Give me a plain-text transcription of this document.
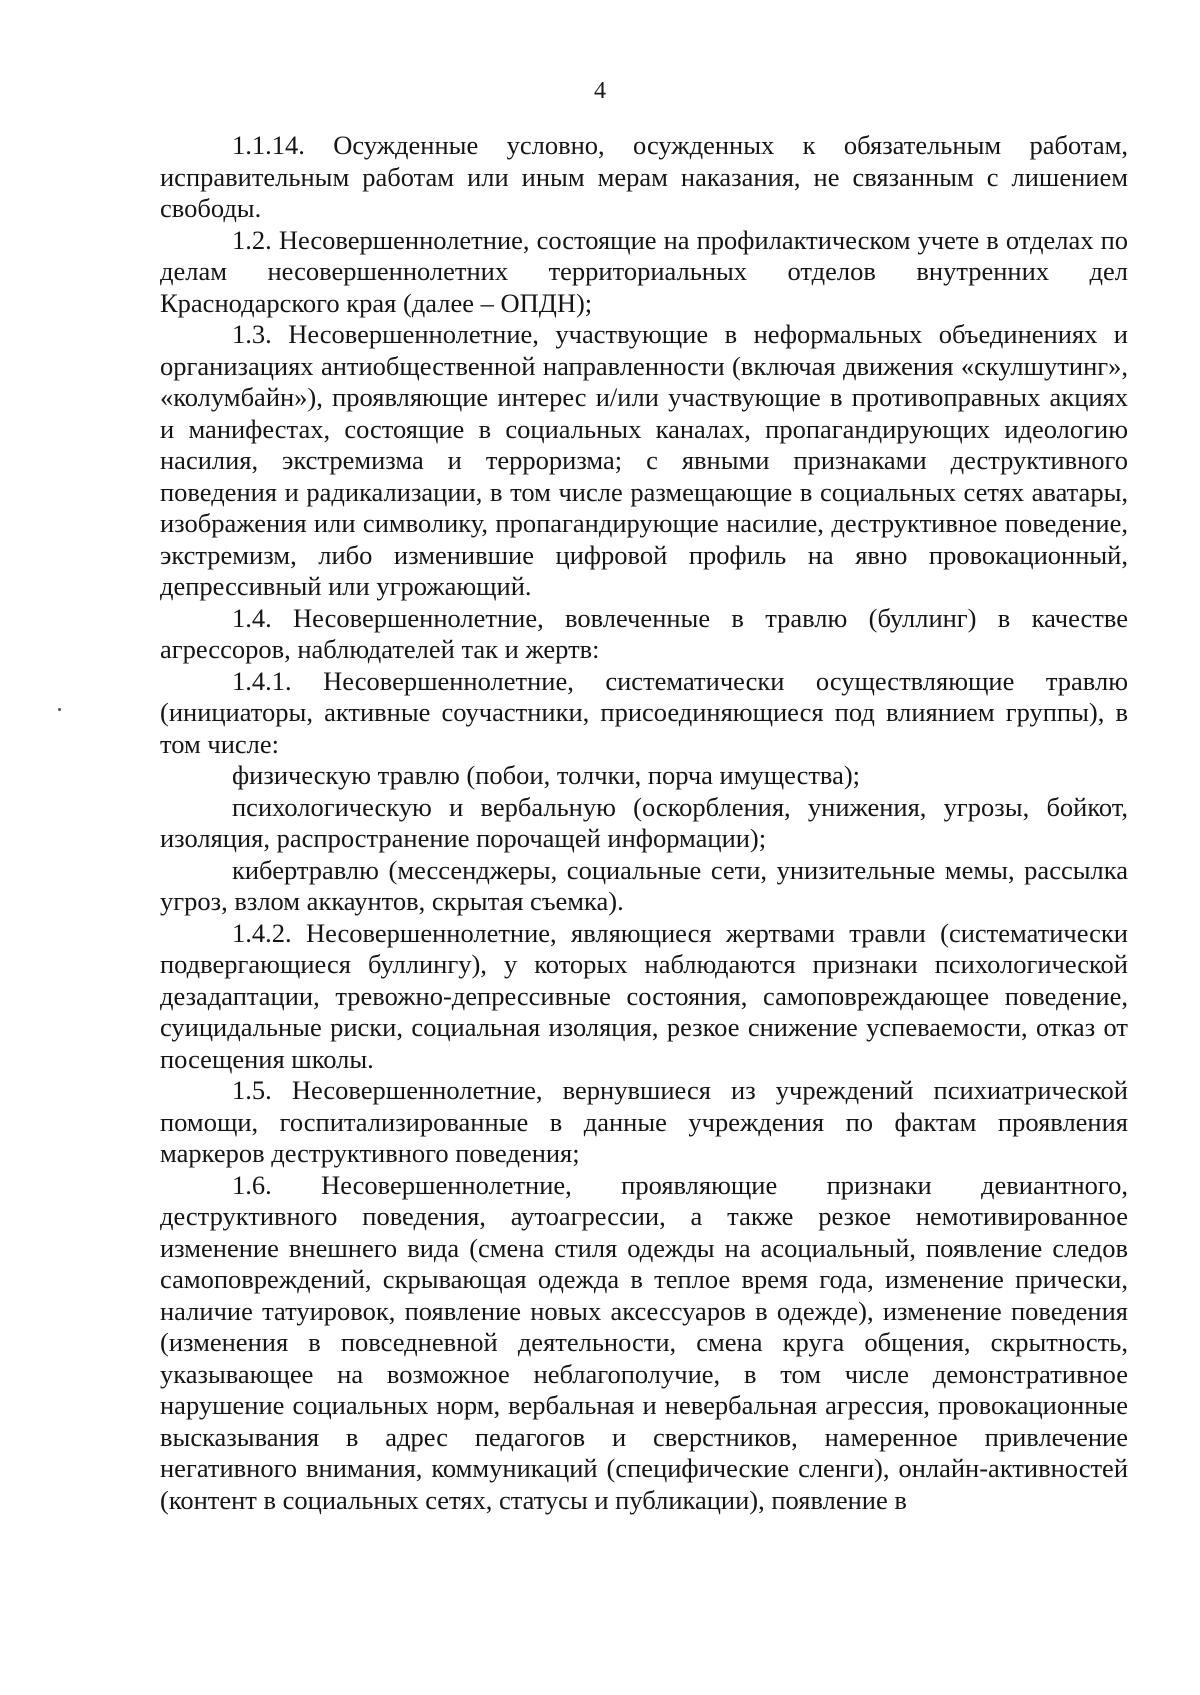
4

1.1.14. Осужденные условно, осужденных к обязательным работам, исправительным работам или иным мерам наказания, не связанным с лишением свободы.

1.2. Несовершеннолетние, состоящие на профилактическом учете в отделах по делам несовершеннолетних территориальных отделов внутренних дел Краснодарского края (далее – ОПДН);

1.3. Несовершеннолетние, участвующие в неформальных объединениях и организациях антиобщественной направленности (включая движения «скулшутинг», «колумбайн»), проявляющие интерес и/или участвующие в противоправных акциях и манифестах, состоящие в социальных каналах, пропагандирующих идеологию насилия, экстремизма и терроризма; с явными признаками деструктивного поведения и радикализации, в том числе размещающие в социальных сетях аватары, изображения или символику, пропагандирующие насилие, деструктивное поведение, экстремизм, либо изменившие цифровой профиль на явно провокационный, депрессивный или угрожающий.

1.4. Несовершеннолетние, вовлеченные в травлю (буллинг) в качестве агрессоров, наблюдателей так и жертв:

1.4.1. Несовершеннолетние, систематически осуществляющие травлю (инициаторы, активные соучастники, присоединяющиеся под влиянием группы), в том числе:

физическую травлю (побои, толчки, порча имущества);

психологическую и вербальную (оскорбления, унижения, угрозы, бойкот, изоляция, распространение порочащей информации);

кибертравлю (мессенджеры, социальные сети, унизительные мемы, рассылка угроз, взлом аккаунтов, скрытая съемка).

1.4.2. Несовершеннолетние, являющиеся жертвами травли (систематически подвергающиеся буллингу), у которых наблюдаются признаки психологической дезадаптации, тревожно-депрессивные состояния, самоповреждающее поведение, суицидальные риски, социальная изоляция, резкое снижение успеваемости, отказ от посещения школы.

1.5. Несовершеннолетние, вернувшиеся из учреждений психиатрической помощи, госпитализированные в данные учреждения по фактам проявления маркеров деструктивного поведения;

1.6. Несовершеннолетние, проявляющие признаки девиантного, деструктивного поведения, аутоагрессии, а также резкое немотивированное изменение внешнего вида (смена стиля одежды на асоциальный, появление следов самоповреждений, скрывающая одежда в теплое время года, изменение прически, наличие татуировок, появление новых аксессуаров в одежде), изменение поведения (изменения в повседневной деятельности, смена круга общения, скрытность, указывающее на возможное неблагополучие, в том числе демонстративное нарушение социальных норм, вербальная и невербальная агрессия, провокационные высказывания в адрес педагогов и сверстников, намеренное привлечение негативного внимания, коммуникаций (специфические сленги), онлайн-активностей (контент в социальных сетях, статусы и публикации), появление в
